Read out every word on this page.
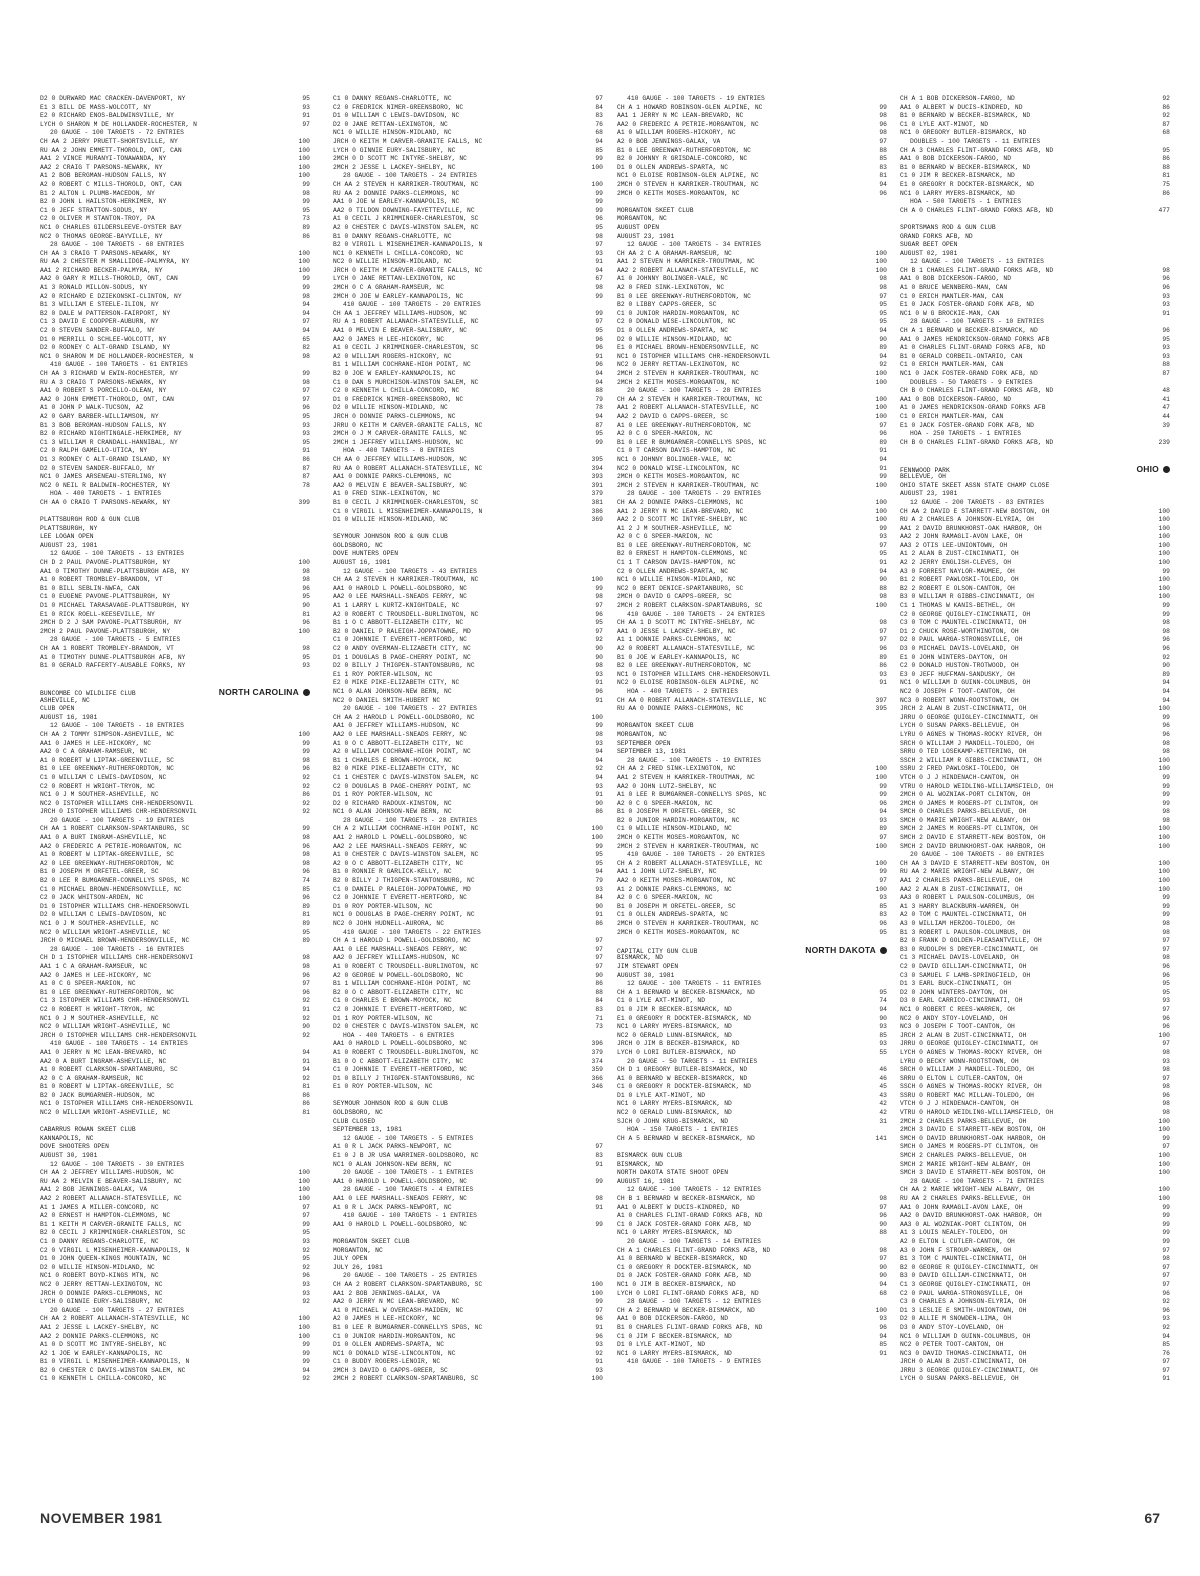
D2 0 DURWARD MAC CRACKEN-DAVENPORT, NY	95
E1 3 BILL DE MASS-WOLCOTT, NY	93
E2 0 RICHARD ENOS-BALDWINSVILLE, NY	91
LYCH 0 SHARON M DE HOLLANDER-ROCHESTER, N	97
20 GAUGE - 100 TARGETS - 72 ENTRIES
CH AA 2 JERRY PRUETT-SHORTSVILLE, NY	100
RU AA 2 JOHN EMMETT-THOROLD, ONT, CAN	100
AA1 2 VINCE MURANYI-TONAWANDA, NY	100
AA2 2 CRAIG T PARSONS-NEWARK, NY	100
A1 2 BOB BERGMAN-HUDSON FALLS, NY	100
A2 0 ROBERT C MILLS-THOROLD, ONT, CAN	99
B1 2 ALTON L PLUMB-MACEDON, NY	98
B2 0 JOHN L HAILSTON-HERKIMER, NY	99
C1 0 JEFF STRATTON-SODUS, NY	95
C2 0 OLIVER M STANTON-TROY, PA	73
NC1 0 CHARLES GILDERSLEEVE-OYSTER BAY	89
NC2 0 THOMAS GEORGE-BAYVILLE, NY	86
28 GAUGE - 100 TARGETS - 68 ENTRIES
CH AA 3 CRAIG T PARSONS-NEWARK, NY	100
RU AA 2 CHESTER M SMALLIDGE-PALMYRA, NY	100
AA1 2 RICHARD BECKER-PALMYRA, NY	100
AA2 0 GARY R MILLS-THOROLD, ONT, CAN	99
A1 3 RONALD MILLON-SODUS, NY	99
A2 0 RICHARD E DZIEKONSKI-CLINTON, NY	98
B1 3 WILLIAM E STEELE-ILION, NY	94
B2 0 DALE W PATTERSON-FAIRPORT, NY	94
C1 3 DAVID E COOPPER-AUBURN, NY	97
C2 0 STEVEN SANDER-BUFFALO, NY	94
D1 0 MERRILL O SCHLEE-WOLCOTT, NY	65
D2 0 RODNEY C ALT-GRAND ISLAND, NY	82
NC1 0 SHARON M DE HOLLANDER-ROCHESTER, N	98
410 GAUGE - 100 TARGETS - 61 ENTRIES
CH AA 3 RICHARD W EWIN-ROCHESTER, NY	99
RU A 3 CRAIG T PARSONS-NEWARK, NY	98
AA1 0 ROBERT S PORCELLO-OLEAN, NY	97
AA2 0 JOHN EMMETT-THOROLD, ONT, CAN	97
A1 0 JOHN P WALK-TUCSON, AZ	96
A2 0 GARY BARBER-WILLIAMSON, NY	95
B1 3 BOB BERGMAN-HUDSON FALLS, NY	93
B2 0 RICHARD NIGHTINGALE-HERKIMER, NY	93
C1 3 WILLIAM R CRANDALL-HANNIBAL, NY	95
C2 0 RALPH GAMELLO-UTICA, NY	91
D1 3 RODNEY C ALT-GRAND ISLAND, NY	86
D2 0 STEVEN SANDER-BUFFALO, NY	87
NC1 0 JAMES ARSENEAU-STERLING, NY	87
NC2 0 NEIL R BALDWIN-ROCHESTER, NY	78
HOA - 400 TARGETS - 1 ENTRIES
CH AA 0 CRAIG T PARSONS-NEWARK, NY	399
PLATTSBURGH ROD & GUN CLUB
PLATTSBURGH, NY
LEE LOGAN OPEN
AUGUST 23, 1981
12 GAUGE - 100 TARGETS - 13 ENTRIES
CH D 2 PAUL PAVONE-PLATTSBURGH, NY	100
AA1 0 TIMOTHY DUNNE-PLATTSBURGH AFB, NY	98
A1 0 ROBERT TROMBLEY-BRANDON, VT	98
B1 0 BILL SEBLIN-NWFA, CAN	96
C1 0 EUGENE PAVONE-PLATTSBURGH, NY	95
D1 0 MICHAEL TARASAVAGE-PLATTSBURGH, NY	90
E1 0 RICK ROELL-KEESEVILLE, NY	81
2MCH D 2 J SAM PAVONE-PLATTSBURGH, NY	96
2MCH 2 PAUL PAVONE-PLATTSBURGH, NY	100
28 GAUGE - 100 TARGETS - 5 ENTRIES
CH AA 1 ROBERT TROMBLEY-BRANDON, VT	98
A1 0 TIMOTHY DUNNE-PLATTSBURGH AFB, NY	95
B1 0 GERALD RAFFERTY-AUSABLE FORKS, NY	93
BUNCOMBE CO WILDLIFE CLUB	NORTH CAROLINA
ASHEVILLE, NC
CLUB OPEN
AUGUST 16, 1981
12 GAUGE - 100 TARGETS - 18 ENTRIES
CH AA 2 TOMMY SIMPSON-ASHEVILLE, NC	100
AA1 0 JAMES H LEE-HICKORY, NC	99
AA2 0 C A GRAHAM-RAMSEUR, NC	99
A1 0 ROBERT W LIPTAK-GREENVILLE, SC	98
B1 0 LEE GREENWAY-RUTHERFORDTON, NC	96
C1 0 WILLIAM C LEWIS-DAVIDSON, NC	92
C2 0 ROBERT H WRIGHT-TRYON, NC	92
NC1 0 J M SOUTHER-ASHEVILLE, NC	86
NC2 0 ISTOPHER WILLIAMS CHR-HENDERSONVIL	92
JRCH 0 ISTOPHER WILLIAMS CHR-HENDERSONVIL	92
20 GAUGE - 100 TARGETS - 19 ENTRIES
CH AA 1 ROBERT CLARKSON-SPARTANBURG, SC	99
AA1 0 A BURT INGRAM-ASHEVILLE, NC	98
AA2 0 FREDERIC A PETRIE-MORGANTON, NC	96
A1 0 ROBERT W LIPTAK-GREENVILLE, SC	98
A2 0 LEE GREENWAY-RUTHERFORDTON, NC	98
B1 0 JOSEPH M ORFETEL-GREER, SC	96
B2 0 LEE R BUMGARNER-CONNELLYS SPGS, NC	74
C1 0 MICHAEL BROWN-HENDERSONVILLE, NC	85
C2 0 JACK WHITSON-ARDEN, NC	96
D1 0 ISTOPHER WILLIAMS CHR-HENDERSONVIL	89
D2 0 WILLIAM C LEWIS-DAVIDSON, NC	81
NC1 0 J M SOUTHER-ASHEVILLE, NC	89
NC2 0 WILLIAM WRIGHT-ASHEVILLE, NC	95
JRCH 0 MICHAEL BROWN-HENDERSONVILLE, NC	89
28 GAUGE - 100 TARGETS - 16 ENTRIES
CH D 1 ISTOPHER WILLIAMS CHR-HENDERSONVI	98
AA1 1 C A GRAHAM-RAMSEUR, NC	98
AA2 0 JAMES H LEE-HICKORY, NC	96
A1 0 C G SPEER-MARION, NC	97
B1 0 LEE GREENWAY-RUTHERFORDTON, NC	96
C1 3 ISTOPHER WILLIAMS CHR-HENDERSONVIL	92
C2 0 ROBERT H WRIGHT-TRYON, NC	91
NC1 0 J M SOUTHER-ASHEVILLE, NC	92
NC2 0 WILLIAM WRIGHT-ASHEVILLE, NC	90
JRCH 0 ISTOPHER WILLIAMS CHR-HENDERSONVIL	92
410 GAUGE - 100 TARGETS - 14 ENTRIES
AA1 0 JERRY N MC LEAN-BREVARD, NC	94
AA2 0 A BURT INGRAM-ASHEVILLE, NC	91
A1 0 ROBERT CLARKSON-SPARTANBURG, SC	94
A2 0 C A GRAHAM-RAMSEUR, NC	92
B1 0 ROBERT W LIPTAK-GREENVILLE, SC	81
B2 0 JACK BUMGARNER-HUDSON, NC	86
NC1 0 ISTOPHER WILLIAMS CHR-HENDERSONVIL	86
NC2 0 WILLIAM WRIGHT-ASHEVILLE, NC	81
CABARRUS ROWAN SKEET CLUB
KANNAPOLIS, NC
DOVE SHOOTERS OPEN
AUGUST 30, 1981
12 GAUGE - 100 TARGETS - 30 ENTRIES
CH AA 2 JEFFREY WILLIAMS-HUDSON, NC	100
RU AA 2 MELVIN E BEAVER-SALISBURY, NC	100
AA1 2 BOB JENNINGS-GALAX, VA	100
AA2 2 ROBERT ALLANACH-STATESVILLE, NC	100
A1 1 JAMES A MILLER-CONCORD, NC	97
A2 0 ERNEST H HAMPTON-CLEMMONS, NC	97
B1 1 KEITH M CARVER-GRANITE FALLS, NC	99
B2 0 CECIL J KRIMMINGER-CHARLESTON, SC	95
C1 0 DANNY REGANS-CHARLOTTE, NC	93
C2 0 VIRGIL L MISENHEIMER-KANNAPOLIS, N	92
D1 0 JOHN QUEEN-KINGS MOUNTAIN, NC	95
D2 0 WILLIE HINSON-MIDLAND, NC	92
NC1 0 ROBERT BOYD-KINGS MTN, NC	96
NC2 0 JERRY RETTAN-LEXINGTON, NC	93
JRCH 0 DONNIE PARKS-CLEMMONS, NC	93
LYCH 0 GINNIE EURY-SALISBURY, NC	92
20 GAUGE - 100 TARGETS - 27 ENTRIES
CH AA 2 ROBERT ALLANACH-STATESVILLE, NC	100
AA1 2 JESSE L LACKEY-SHELBY, NC	100
AA2 2 DONNIE PARKS-CLEMMONS, NC	100
A1 0 D SCOTT MC INTYRE-SHELBY, NC	99
A2 1 JOE W EARLEY-KANNAPOLIS, NC	99
B1 0 VIRGIL L MISENHEIMER-KANNAPOLIS, N	99
B2 0 CHESTER C DAVIS-WINSTON SALEM, NC	94
C1 0 KENNETH L CHILLA-CONCORD, NC	92
C1 0 DANNY REGANS-CHARLOTTE, NC	97
C2 0 FREDRICK NIMER-GREENSBORO, NC	84
D1 0 WILLIAM C LEWIS-DAVIDSON, NC	83
D2 0 JANE RETTAN-LEXINGTON, NC	76
NC1 0 WILLIE HINSON-MIDLAND, NC	68
JRCH 0 KEITH M CARVER-GRANITE FALLS, NC	94
LYCH 0 GINNIE EURY-SALISBURY, NC	85
2MCH 0 D SCOTT MC INTYRE-SHELBY, NC	99
2MCH 2 JESSE L LACKEY-SHELBY, NC	100
28 GAUGE - 100 TARGETS - 24 ENTRIES
CH AA 2 STEVEN H KARRIKER-TROUTMAN, NC	100
RU AA 2 DONNIE PARKS-CLEMMONS, NC	99
AA1 0 JOE W EARLEY-KANNAPOLIS, NC	99
AA2 0 TILDON DOWNING-FAYETTEVILLE, NC	99
A1 0 CECIL J KRIMMINGER-CHARLESTON, SC	96
A2 0 CHESTER C DAVIS-WINSTON SALEM, NC	95
B1 0 DANNY REGANS-CHARLOTTE, NC	98
B2 0 VIRGIL L MISENHEIMER-KANNAPOLIS, N	97
NC1 0 KENNETH L CHILLA-CONCORD, NC	93
NC2 0 WILLIE HINSON-MIDLAND, NC	91
JRCH 0 KEITH M CARVER-GRANITE FALLS, NC	94
LYCH 0 JANE RETTAN-LEXINGTON, NC	67
2MCH 0 C A GRAHAM-RAMSEUR, NC	98
2MCH 0 JOE W EARLEY-KANNAPOLIS, NC	99
410 GAUGE - 100 TARGETS - 20 ENTRIES
CH AA 1 JEFFREY WILLIAMS-HUDSON, NC	99
RU A 1 ROBERT ALLANACH-STATESVILLE, NC	97
AA1 0 MELVIN E BEAVER-SALISBURY, NC	95
AA2 0 JAMES H LEE-HICKORY, NC	96
A1 0 CECIL J KRIMMINGER-CHARLESTON, SC	96
A2 0 WILLIAM ROGERS-HICKORY, NC	91
B1 1 WILLIAM COCHRANE-HIGH POINT, NC	96
B2 0 JOE W EARLEY-KANNAPOLIS, NC	94
C1 0 DAN S MURCHISON-WINSTON SALEM, NC	94
C2 0 KENNETH L CHILLA-CONCORD, NC	88
D1 0 FREDRICK NIMER-GREENSBORO, NC	79
D2 0 WILLIE HINSON-MIDLAND, NC	78
JRCH 0 DONNIE PARKS-CLEMMONS, NC	94
JRRU 0 KEITH M CARVER-GRANITE FALLS, NC	87
2MCH 0 J M CARVER-GRANITE FALLS, NC	95
2MCH 1 JEFFREY WILLIAMS-HUDSON, NC	99
HOA - 400 TARGETS - 8 ENTRIES
CH AA 0 JEFFREY WILLIAMS-HUDSON, NC	395
RU AA 0 ROBERT ALLANACH-STATESVILLE, NC	394
AA1 0 DONNIE PARKS-CLEMMONS, NC	393
AA2 0 MELVIN E BEAVER-SALISBURY, NC	391
A1 0 FRED SINK-LEXINGTON, NC	379
B1 0 CECIL J KRIMMINGER-CHARLESTON, SC	381
C1 0 VIRGIL L MISENHEIMER-KANNAPOLIS, N	386
D1 0 WILLIE HINSON-MIDLAND, NC	369
SEYMOUR JOHNSON ROD & GUN CLUB
GOLDSBORO, NC
DOVE HUNTERS OPEN
AUGUST 16, 1981
12 GAUGE - 100 TARGETS - 43 ENTRIES
CH AA 2 STEVEN H KARRIKER-TROUTMAN, NC	100
AA1 0 HAROLD L POWELL-GOLDSBORO, NC	99
AA2 0 LEE MARSHALL-SNEADS FERRY, NC	98
A1 1 LARRY L KURTZ-KNIGHTDALE, NC	97
A2 0 ROBERT C TROUSDELL-BURLINGTON, NC	96
B1 1 O C ABBOTT-ELIZABETH CITY, NC	95
B2 0 DANIEL P RALEIGH-JOPPATOWNE, MD	97
C1 0 JOHNNIE T EVERETT-HERTFORD, NC	92
C2 0 ANDY OVERMAN-ELIZABETH CITY, NC	90
D1 1 DOUGLAS B PAGE-CHERRY POINT, NC	90
D2 0 BILLY J THIGPEN-STANTONSBURG, NC	98
E1 1 ROY PORTER-WILSON, NC	93
E2 0 MIKE PIKE-ELIZABETH CITY, NC	91
NC1 0 ALAN JOHNSON-NEW BERN, NC	96
NC2 0 DANIEL SMITH-HUBERT NC	91
20 GAUGE - 100 TARGETS - 27 ENTRIES
CH AA 2 HAROLD L POWELL-GOLDSBORO, NC	100
AA1 0 JEFFREY WILLIAMS-HUDSON, NC	99
AA2 0 LEE MARSHALL-SNEADS FERRY, NC	98
A1 0 O C ABBOTT-ELIZABETH CITY, NC	93
A2 0 WILLIAM COCHRANE-HIGH POINT, NC	94
B1 1 CHARLES E BROWN-HOYOCK, NC	94
B2 0 MIKE PIKE-ELIZABETH CITY, NC	92
C1 1 CHESTER C DAVIS-WINSTON SALEM, NC	94
C2 0 DOUGLAS B PAGE-CHERRY POINT, NC	93
D1 1 ROY PORTER-WILSON, NC	91
D2 0 RICHARD RADOUX-KINSTON, NC	90
NC1 0 ALAN JOHNSON-NEW BERN, NC	86
28 GAUGE - 100 TARGETS - 28 ENTRIES
CH A 2 WILLIAM COCHRANE-HIGH POINT, NC	100
AA1 2 HAROLD L POWELL-GOLDSBORO, NC	100
AA2 2 LEE MARSHALL-SNEADS FERRY, NC	99
A1 0 CHESTER C DAVIS-WINSTON SALEM, NC	95
A2 0 O C ABBOTT-ELIZABETH CITY, NC	95
B1 0 RONNIE R GARLICK-KELLY, NC	94
B2 0 BILLY J THIGPEN-STANTONSBURG, NC	79
C1 0 DANIEL P RALEIGH-JOPPATOWNE, MD	93
C2 0 JOHNNIE T EVERETT-HERTFORD, NC	84
D1 0 ROY PORTER-WILSON, NC	90
NC1 0 DOUGLAS B PAGE-CHERRY POINT, NC	91
NC2 0 JOHN HUDNELL-AURORA, NC	86
410 GAUGE - 100 TARGETS - 22 ENTRIES
CH A 1 HAROLD L POWELL-GOLDSBORO, NC	97
AA1 0 LEE MARSHALL-SNEADS FERRY, NC	97
AA2 0 JEFFREY WILLIAMS-HUDSON, NC	97
A1 0 ROBERT C TROUSDELL-BURLINGTON, NC	97
A2 0 GEORGE W POWELL-GOLDSBORO, NC	90
B1 1 WILLIAM COCHRANE-HIGH POINT, NC	86
B2 0 O C ABBOTT-ELIZABETH CITY, NC	88
C1 0 CHARLES E BROWN-MOYOCK, NC	84
C2 0 JOHNNIE T EVERETT-HERTFORD, NC	83
D1 1 ROY PORTER-WILSON, NC	71
D2 0 CHESTER C DAVIS-WINSTON SALEM, NC	73
HOA - 400 TARGETS - 6 ENTRIES
AA1 0 HAROLD L POWELL-GOLDSBORO, NC	396
A1 0 ROBERT C TROUSDELL-BURLINGTON, NC	379
B1 0 O C ABBOTT-ELIZABETH CITY, NC	374
C1 0 JOHNNIE T EVERETT-HERTFORD, NC	359
D1 0 BILLY J THIGPEN-STANTONSBURG, NC	366
E1 0 ROY PORTER-WILSON, NC	346
SEYMOUR JOHNSON ROD & GUN CLUB
GOLDSBORO, NC
CLUB CLOSED
SEPTEMBER 13, 1981
12 GAUGE - 100 TARGETS - 5 ENTRIES
A1 0 R L JACK PARKS-NEWPORT, NC	97
E1 0 J B JR USA WARRINER-GOLDSBORO, NC	83
NC1 0 ALAN JOHNSON-NEW BERN, NC	91
20 GAUGE - 100 TARGETS - 1 ENTRIES
AA1 0 HAROLD L POWELL-GOLDSBORO, NC	99
28 GAUGE - 100 TARGETS - 4 ENTRIES
AA1 0 LEE MARSHALL-SNEADS FERRY, NC	98
A1 0 R L JACK PARKS-NEWPORT, NC	91
410 GAUGE - 100 TARGETS - 1 ENTRIES
AA1 0 HAROLD L POWELL-GOLDSBORO, NC	99
MORGANTON SKEET CLUB
MORGANTON, NC
JULY OPEN
JULY 26, 1981
20 GAUGE - 100 TARGETS - 25 ENTRIES
CH AA 2 ROBERT CLARKSON-SPARTANBURG, SC	100
AA1 2 BOB JENNINGS-GALAX, VA	100
AA2 0 JERRY N MC LEAN-BREVARD, NC	99
A1 0 MICHAEL W OVERCASH-MAIDEN, NC	97
A2 0 JAMES H LEE-HICKORY, NC	96
B1 0 LEE R BUMGARNER-CONNELLYS SPGS, NC	91
C1 0 JUNIOR HARDIN-MORGANTON, NC	96
D1 0 OLLEN ANDREWS-SPARTA, NC	93
NC1 0 DONALD WISE-LINCOLNTON, NC	92
C1 0 BUDDY ROGERS-LENOIR, NC	91
2MCH 3 DAVID G CAPPS-GREER, SC	93
2MCH 2 ROBERT CLARKSON-SPARTANBURG, SC	100
410 GAUGE - 100 TARGETS - 19 ENTRIES
CH A 1 HOWARD ROBINSON-GLEN ALPINE, NC	99
AA1 1 JERRY N MC LEAN-BREVARD, NC	98
AA2 0 FREDERIC A PETRIE-MORGANTON, NC	96
A1 0 WILLIAM ROGERS-HICKORY, NC	98
A2 0 BOB JENNINGS-GALAX, VA	97
B1 0 LEE GREENWAY-RUTHERFORDTON, NC	88
B2 0 JOHNNY R GRISDALE-CONCORD, NC	85
D1 0 OLLEN ANDREWS-SPARTA, NC	83
NC1 0 ELOISE ROBINSON-GLEN ALPINE, NC	81
2MCH 0 STEVEN H KARRIKER-TROUTMAN, NC	94
2MCH 0 KEITH MOSES-MORGANTON, NC	96
MORGANTON SKEET CLUB
MORGANTON, NC
AUGUST OPEN
AUGUST 23, 1981
12 GAUGE - 100 TARGETS - 34 ENTRIES
CH AA 2 C A GRAHAM-RAMSEUR, NC	100
AA1 2 STEVEN H KARRIKER-TROUTMAN, NC	100
AA2 2 ROBERT ALLANACH-STATESVILLE, NC	100
A1 0 JOHNNY BOLINGER-VALE, NC	98
A2 0 FRED SINK-LEXINGTON, NC	98
B1 0 LEE GREENWAY-RUTHERFORDTON, NC	97
B2 0 LIBBY CAPPS-GREER, SC	95
C1 0 JUNIOR HARDIN-MORGANTON, NC	95
C2 0 DONALD WISE-LINCOLNTON, NC	95
D1 0 OLLEN ANDREWS-SPARTA, NC	94
D2 0 WILLIE HINSON-MIDLAND, NC	90
E1 0 MICHAEL BROWN-HENDERSONVILLE, NC	89
NC1 0 ISTOPHER WILLIAMS CHR-HENDERSONVIL	94
NC2 0 JERRY RETTAN-LEXINGTON, NC	92
2MCH 2 STEVEN H KARRIKER-TROUTMAN, NC	100
2MCH 2 KEITH MOSES-MORGANTON, NC	100
20 GAUGE - 100 TARGETS - 28 ENTRIES
CH AA 2 STEVEN H KARRIKER-TROUTMAN, NC	100
AA1 2 ROBERT ALLANACH-STATESVILLE, NC	100
AA2 2 DAVID G CAPPS-GREER, SC	100
A1 0 LEE GREENWAY-RUTHERFORDTON, NC	97
A2 0 C G SPEER-MARION, NC	96
B1 0 LEE R BUMGARNER-CONNELLYS SPGS, NC	89
C1 0 T CARSON DAVIS-HAMPTON, NC	91
NC1 0 JOHNNY BOLINGER-VALE, NC	94
NC2 0 DONALD WISE-LINCOLNTON, NC	91
2MCH 0 KEITH MOSES-MORGANTON, NC	99
2MCH 2 STEVEN H KARRIKER-TROUTMAN, NC	100
28 GAUGE - 100 TARGETS - 29 ENTRIES
CH AA 2 DONNIE PARKS-CLEMMONS, NC	100
AA1 2 JERRY N MC LEAN-BREVARD, NC	100
AA2 2 D SCOTT MC INTYRE-SHELBY, NC	100
A1 2 J M SOUTHER-ASHEVILLE, NC	99
A2 0 C G SPEER-MARION, NC	93
B1 0 LEE GREENWAY-RUTHERFORDTON, NC	97
B2 0 ERNEST H HAMPTON-CLEMMONS, NC	95
C1 1 T CARSON DAVIS-HAMPTON, NC	91
C2 0 OLLEN ANDREWS-SPARTA, NC	94
NC1 0 WILLIE HINSON-MIDLAND, NC	90
NC2 0 BERT DENICE-SPARTANBURG, SC	88
2MCH 0 DAVID G CAPPS-GREER, SC	98
2MCH 2 ROBERT CLARKSON-SPARTANBURG, SC	100
410 GAUGE - 100 TARGETS - 24 ENTRIES
CH AA 1 D SCOTT MC INTYRE-SHELBY, NC	98
AA1 0 JESSE L LACKEY-SHELBY, NC	97
A1 1 DONNIE PARKS-CLEMMONS, NC	97
A2 0 ROBERT ALLANACH-STATESVILLE, NC	96
B1 0 JOE W EARLEY-KANNAPOLIS, NC	89
B2 0 LEE GREENWAY-RUTHERFORDTON, NC	86
NC1 0 ISTOPHER WILLIAMS CHR-HENDERSONVIL	93
NC2 0 ELOISE ROBINSON-GLEN ALPINE, NC	91
HOA - 400 TARGETS - 2 ENTRIES
CH AA 0 ROBERT ALLANACH-STATESVILLE, NC	397
RU AA 0 DONNIE PARKS-CLEMMONS, NC	395
MORGANTON SKEET CLUB
MORGANTON, NC
SEPTEMBER OPEN
SEPTEMBER 13, 1981
28 GAUGE - 100 TARGETS - 19 ENTRIES
CH AA 2 FRED SINK-LEXINGTON, NC	100
AA1 2 STEVEN H KARRIKER-TROUTMAN, NC	100
AA2 0 JOHN LUTZ-SHELBY, NC	99
A1 0 LEE R BUMGARNER-CONNELLYS SPGS, NC	99
A2 0 C G SPEER-MARION, NC	96
B1 0 JOSEPH M ORFETEL-GREER, SC	94
B2 0 JUNIOR HARDIN-MORGANTON, NC	93
C1 0 WILLIE HINSON-MIDLAND, NC	89
2MCH 0 KEITH MOSES-MORGANTON, NC	97
2MCH 2 STEVEN H KARRIKER-TROUTMAN, NC	100
410 GAUGE - 100 TARGETS - 20 ENTRIES
CH A 2 ROBERT ALLANACH-STATESVILLE, NC	100
AA1 1 JOHN LUTZ-SHELBY, NC	99
AA2 0 KEITH MOSES-MORGANTON, NC	97
A1 2 DONNIE PARKS-CLEMMONS, NC	100
A2 0 C G SPEER-MARION, NC	93
B1 0 JOSEPH M ORFETEL-GREER, SC	85
C1 0 OLLEN ANDREWS-SPARTA, NC	83
2MCH 0 STEVEN H KARRIKER-TROUTMAN, NC	96
2MCH 0 KEITH MOSES-MORGANTON, NC	95
CAPITAL CITY GUN CLUB	NORTH DAKOTA
BISMARCK, ND
JIM STEWART OPEN
AUGUST 30, 1981
12 GAUGE - 100 TARGETS - 11 ENTRIES
CH A 1 BERNARD W BECKER-BISMARCK, ND	95
C1 0 LYLE AXT-MINOT, ND	74
D1 0 JIM R BECKER-BISMARCK, ND	94
E1 0 GREGORY R DOCKTER-BISMARCK, ND	90
NC1 0 LARRY MYERS-BISMARCK, ND	93
NC2 0 GERALD LUNN-BISMARCK, ND	85
JRCH 0 JIM B BECKER-BISMARCK, ND	93
LYCH 0 LORI BUTLER-BISMARCK, ND	55
20 GAUGE - 50 TARGETS - 11 ENTRIES
CH D 1 GREGORY BUTLER-BISMARCK, ND	46
A1 0 BERNARD W BECKER-BISMARCK, ND	46
C1 0 GREGORY R DOCKTER-BISMARCK, ND	45
D1 0 LYLE AXT-MINOT, ND	43
NC1 0 LARRY MYERS-BISMARCK, ND	42
NC2 0 GERALD LUNN-BISMARCK, ND	42
SJCH 0 JOHN KRUG-BISMARCK, ND	31
HOA - 150 TARGETS - 1 ENTRIES
CH A 5 BERNARD W BECKER-BISMARCK, ND	141
BISMARCK GUN CLUB
BISMARCK, ND
NORTH DAKOTA STATE SHOOT OPEN
AUGUST 16, 1981
12 GAUGE - 100 TARGETS - 12 ENTRIES
CH B 1 BERNARD W BECKER-BISMARCK, ND	98
AA1 0 ALBERT W DUCIS-KINDRED, ND	97
A1 0 CHARLES FLINT-GRAND FORKS AFB, ND	96
C1 0 JACK FOSTER-GRAND FORK AFB, ND	90
NC1 0 LARRY MYERS-BISMARCK, ND	88
20 GAUGE - 100 TARGETS - 14 ENTRIES
CH A 1 CHARLES FLINT-GRAND FORKS AFB, ND	98
A1 0 BERNARD W BECKER-BISMARCK, ND	97
C1 0 GREGORY R DOCKTER-BISMARCK, ND	90
D1 0 JACK FOSTER-GRAND FORK AFB, ND	90
NC1 0 JIM B BECKER-BISMARCK, ND	94
LYCH 0 LORI FLINT-GRAND FORKS AFB, ND	68
28 GAUGE - 100 TARGETS - 12 ENTRIES
CH A 2 BERNARD W BECKER-BISMARCK, ND	100
AA1 0 BOB DICKERSON-FARGO, ND	93
B1 0 CHARLES FLINT-GRAND FORKS AFB, ND	96
C1 0 JIM F BECKER-BISMARCK, ND	94
D1 0 LYLE AXT-MINOT, ND	85
NC1 0 LARRY MYERS-BISMARCK, ND	91
410 GAUGE - 100 TARGETS - 9 ENTRIES
CH A 1 BOB DICKERSON-FARGO, ND	92
AA1 0 ALBERT W DUCIS-KINDRED, ND	86
B1 0 BERNARD W BECKER-BISMARCK, ND	92
C1 0 LYLE AXT-MINOT, ND	87
NC1 0 GREGORY BUTLER-BISMARCK, ND	68
DOUBLES - 100 TARGETS - 11 ENTRIES
CH A 3 CHARLES FLINT-GRAND FORKS AFB, ND	95
AA1 0 BOB DICKERSON-FARGO, ND	86
B1 0 BERNARD W BECKER-BISMARCK, ND	88
C1 0 JIM R BECKER-BISMARCK, ND	81
E1 0 GREGORY R DOCKTER-BISMARCK, ND	75
NC1 0 LARRY MYERS-BISMARCK, ND	86
HOA - 500 TARGETS - 1 ENTRIES
CH A 0 CHARLES FLINT-GRAND FORKS AFB, ND	477
SPORTSMANS ROD & GUN CLUB
GRAND FORKS AFB, ND
SUGAR BEET OPEN
AUGUST 02, 1981
12 GAUGE - 100 TARGETS - 13 ENTRIES
CH B 1 CHARLES FLINT-GRAND FORKS AFB, ND	98
AA1 0 BOB DICKERSON-FARGO, ND	96
A1 0 BRUCE WENNBERG-MAN, CAN	96
C1 0 ERICH MANTLER-MAN, CAN	93
E1 0 JACK FOSTER-GRAND FORK AFB, ND	93
NC1 0 W G BROCKIE-MAN, CAN	91
28 GAUGE - 100 TARGETS - 10 ENTRIES
CH A 1 BERNARD W BECKER-BISMARCK, ND	96
AA1 0 JAMES HENDRICKSON-GRAND FORKS AFB	95
A1 0 CHARLES FLINT-GRAND FORKS AFB, ND	93
B1 0 GERALD CORBEIL-ONTARIO, CAN	93
C1 0 ERICH MANTLER-MAN, CAN	88
NC1 0 JACK FOSTER-GRAND FORK AFB, ND	87
DOUBLES - 50 TARGETS - 9 ENTRIES
CH B 0 CHARLES FLINT-GRAND FORKS AFB, ND	48
AA1 0 BOB DICKERSON-FARGO, ND	41
A1 0 JAMES HENDRICKSON-GRAND FORKS AFB	47
C1 0 ERICH MANTLER-MAN, CAN	44
E1 0 JACK FOSTER-GRAND FORK AFB, ND	39
HOA - 250 TARGETS - 1 ENTRIES
CH B 0 CHARLES FLINT-GRAND FORKS AFB, ND	239
FENNWOOD PARK	OHIO
BELLEVUE, OH
OHIO STATE SKEET ASSN STATE CHAMP CLOSE
AUGUST 23, 1981
12 GAUGE - 200 TARGETS - 83 ENTRIES
CH AA 2 DAVID E STARRETT-NEW BOSTON, OH	100
RU A 2 CHARLES A JOHNSON-ELYRIA, OH	100
AA1 2 DAVID BRUNKHORST-OAK HARBOR, OH	100
AA2 2 JOHN RAMAGLI-AVON LAKE, OH	100
AA3 2 OTIS LEE-UNIONTOWN, OH	100
A1 2 ALAN B ZUST-CINCINNATI, OH	100
A2 2 JERRY ENGLISH-CLEVES, OH	100
A3 0 FORREST NAYLOR-MAUMEE, OH	99
B1 2 ROBERT PAWLOSKI-TOLEDO, OH	100
B2 2 ROBERT E OLSON-CANTON, OH	100
B3 0 WILLIAM R GIBBS-CINCINNATI, OH	100
C1 1 THOMAS W KANIS-BETHEL, OH	99
C2 0 GEORGE QUIGLEY-CINCINNATI, OH	99
C3 0 TOM C MAUNTEL-CINCINNATI, OH	98
D1 2 CHUCK ROSE-WORTHINGTON, OH	98
D2 0 PAUL WARGA-STRONGSVILLE, OH	96
D3 0 MICHAEL DAVIS-LOVELAND, OH	96
E1 0 JOHN WINTERS-DAYTON, OH	92
C2 0 DONALD HUSTON-TROTWOOD, OH	90
E3 0 JEFF HUFFMAN-SANDUSKY, OH	89
NC1 0 WILLIAM D GUINN-COLUMBUS, OH	94
NC2 0 JOSEPH F TOOT-CANTON, OH	94
NC3 0 ROBERT WONN-ROOTSTOWN, OH	94
JRCH 2 ALAN B ZUST-CINCINNATI, OH	100
JRRU 0 GEORGE QUIGLEY-CINCINNATI, OH	99
LYCH 0 SUSAN PARKS-BELLEVUE, OH	96
LYRU 0 AGNES W THOMAS-ROCKY RIVER, OH	96
SRCH 0 WILLIAM J MANDELL-TOLEDO, OH	98
SRRU 0 TED LOSEKAMP-KETTERING, OH	98
SSCH 2 WILLIAM R GIBBS-CINCINNATI, OH	100
SSRU 2 FRED PAWLOSKI-TOLEDO, OH	100
VTCH 0 J J HINDENACH-CANTON, OH	99
VTRU 0 HAROLD WEIDLING-WILLIAMSFIELD, OH	99
2MCH 0 AL WOZNIAK-PORT CLINTON, OH	99
2MCH 0 JAMES M ROGERS-PT CLINTON, OH	99
SMCH 0 CHARLES PARKS-BELLEVUE, OH	98
SMCH 0 MARIE WRIGHT-NEW ALBANY, OH	98
SMCH 2 JAMES M ROGERS-PT CLINTON, OH	100
SMCH 2 DAVID E STARRETT-NEW BOSTON, OH	100
SMCH 2 DAVID BRUNKHORST-OAK HARBOR, OH	100
20 GAUGE - 100 TARGETS - 80 ENTRIES
CH AA 3 DAVID E STARRETT-NEW BOSTON, OH	100
RU AA 2 MARIE WRIGHT-NEW ALBANY, OH	100
AA1 2 CHARLES PARKS-BELLEVUE, OH	100
AA2 2 ALAN B ZUST-CINCINNATI, OH	100
AA3 0 ROBERT L PAULSON-COLUMBUS, OH	99
A1 3 HARRY BLACKBURN-WARREN, OH	99
A2 0 TOM C MAUNTEL-CINCINNATI, OH	99
A3 0 WILLIAM HERZOG-TOLEDO, OH	98
B1 3 ROBERT L PAULSON-COLUMBUS, OH	98
B2 0 FRANK D GOLDEN-PLEASANTVILLE, OH	97
B3 0 RUDOLPH S DREYER-CINCINNATI, OH	97
C1 3 MICHAEL DAVIS-LOVELAND, OH	98
C2 0 DAVID GILLIAM-CINCINNATI, OH	96
C3 0 SAMUEL F LAMB-SPRINGFIELD, OH	96
D1 3 EARL BUCK-CINCINNATI, OH	95
D2 0 JOHN WINTERS-DAYTON, OH	95
D3 0 EARL CARRICO-CINCINNATI, OH	93
NC1 0 ROBERT C REES-WARREN, OH	97
NC2 0 ANDY STOY-LOVELAND, OH	96
NC3 0 JOSEPH F TOOT-CANTON, OH	96
JRCH 2 ALAN B ZUST-CINCINNATI, OH	100
JRRU 0 GEORGE QUIGLEY-CINCINNATI, OH	97
LYCH 0 AGNES W THOMAS-ROCKY RIVER, OH	98
LYRU 0 BECKY WONN-ROOTSTOWN, OH	93
SRCH 0 WILLIAM J MANDELL-TOLEDO, OH	98
SRRU 0 ELTON L CUTLER-CANTON, OH	97
SSCH 0 AGNES W THOMAS-ROCKY RIVER, OH	98
SSRU 0 ROBERT MAC MILLAN-TOLEDO, OH	96
VTCH 0 J J HINDENACH-CANTON, OH	98
VTRU 0 HAROLD WEIDLING-WILLIAMSFIELD, OH	98
2MCH 2 CHARLES PARKS-BELLEVUE, OH	100
2MCH 3 DAVID E STARRETT-NEW BOSTON, OH	100
SMCH 0 DAVID BRUNKHORST-OAK HARBOR, OH	99
SMCH 0 JAMES M ROGERS-PT CLINTON, OH	97
SMCH 2 CHARLES PARKS-BELLEVUE, OH	100
SMCH 2 MARIE WRIGHT-NEW ALBANY, OH	100
SMCH 3 DAVID E STARRETT-NEW BOSTON, OH	100
28 GAUGE - 100 TARGETS - 71 ENTRIES
CH AA 2 MARIE WRIGHT-NEW ALBANY, OH	100
RU AA 2 CHARLES PARKS-BELLEVUE, OH	100
AA1 0 JOHN RAMAGLI-AVON LAKE, OH	99
AA2 0 DAVID BRUNKHORST-OAK HARBOR, OH	99
AA3 0 AL WOZNIAK-PORT CLINTON, OH	99
A1 3 LOUIS NEALEY-TOLEDO, OH	99
A2 0 ELTON L CUTLER-CANTON, OH	99
A3 0 JOHN F STROUP-WARREN, OH	97
B1 3 TOM C MAUNTEL-CINCINNATI, OH	98
B2 0 GEORGE R QUIGLEY-CINCINNATI, OH	97
B3 0 DAVID GILLIAM-CINCINNATI, OH	97
C1 3 GEORGE QUIGLEY-CINCINNATI, OH	97
C2 0 PAUL WARGA-STRONGSVILLE, OH	96
C3 0 CHARLES A JOHNSON-ELYRIA, OH	92
D1 3 LESLIE E SMITH-UNIONTOWN, OH	96
D2 0 ALLIE M SNOWDEN-LIMA, OH	93
D3 0 ANDY STOY-LOVELAND, OH	92
NC1 0 WILLIAM D GUINN-COLUMBUS, OH	94
NC2 0 PETER TOOT-CANTON, OH	85
NC3 0 DAVID THOMAS-CINCINNATI, OH	76
JRCH 0 ALAN B ZUST-CINCINNATI, OH	97
JRRU 3 GEORGE QUIGLEY-CINCINNATI, OH	97
LYCH 0 SUSAN PARKS-BELLEVUE, OH	91
NOVEMBER 1981	67
